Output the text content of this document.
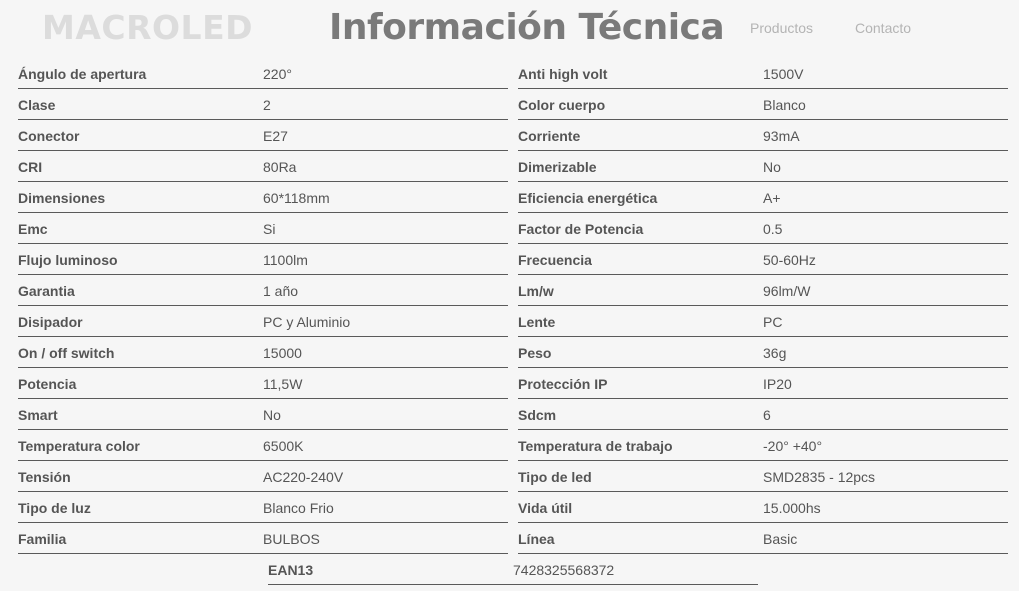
MACROLED Información Técnica Productos	Contacto
Ángulo de apertura	220°	Anti high volt	1500V
Clase	2	Color cuerpo	Blanco
Conector	E27	Corriente	93mA
CRI	80Ra	Dimerizable	No
Dimensiones	60*118mm	Eficiencia energética	A+
Emc	Si	Factor de Potencia	0.5
Flujo luminoso	1100lm	Frecuencia	50-60Hz
Garantia	1 año	Lm/w	96lm/W
Disipador	PC y Aluminio	Lente	PC
On / off switch	15000	Peso	36g
Potencia	11,5W	Protección IP	IP20
Smart	No	Sdcm	6
Temperatura color	6500K	Temperatura de trabajo	-20° +40°
Tensión	AC220-240V	Tipo de led	SMD2835 - 12pcs
Tipo de luz	Blanco Frio	Vida útil	15.000hs
Familia	BULBOS	Línea	Basic
EAN13	7428325568372
